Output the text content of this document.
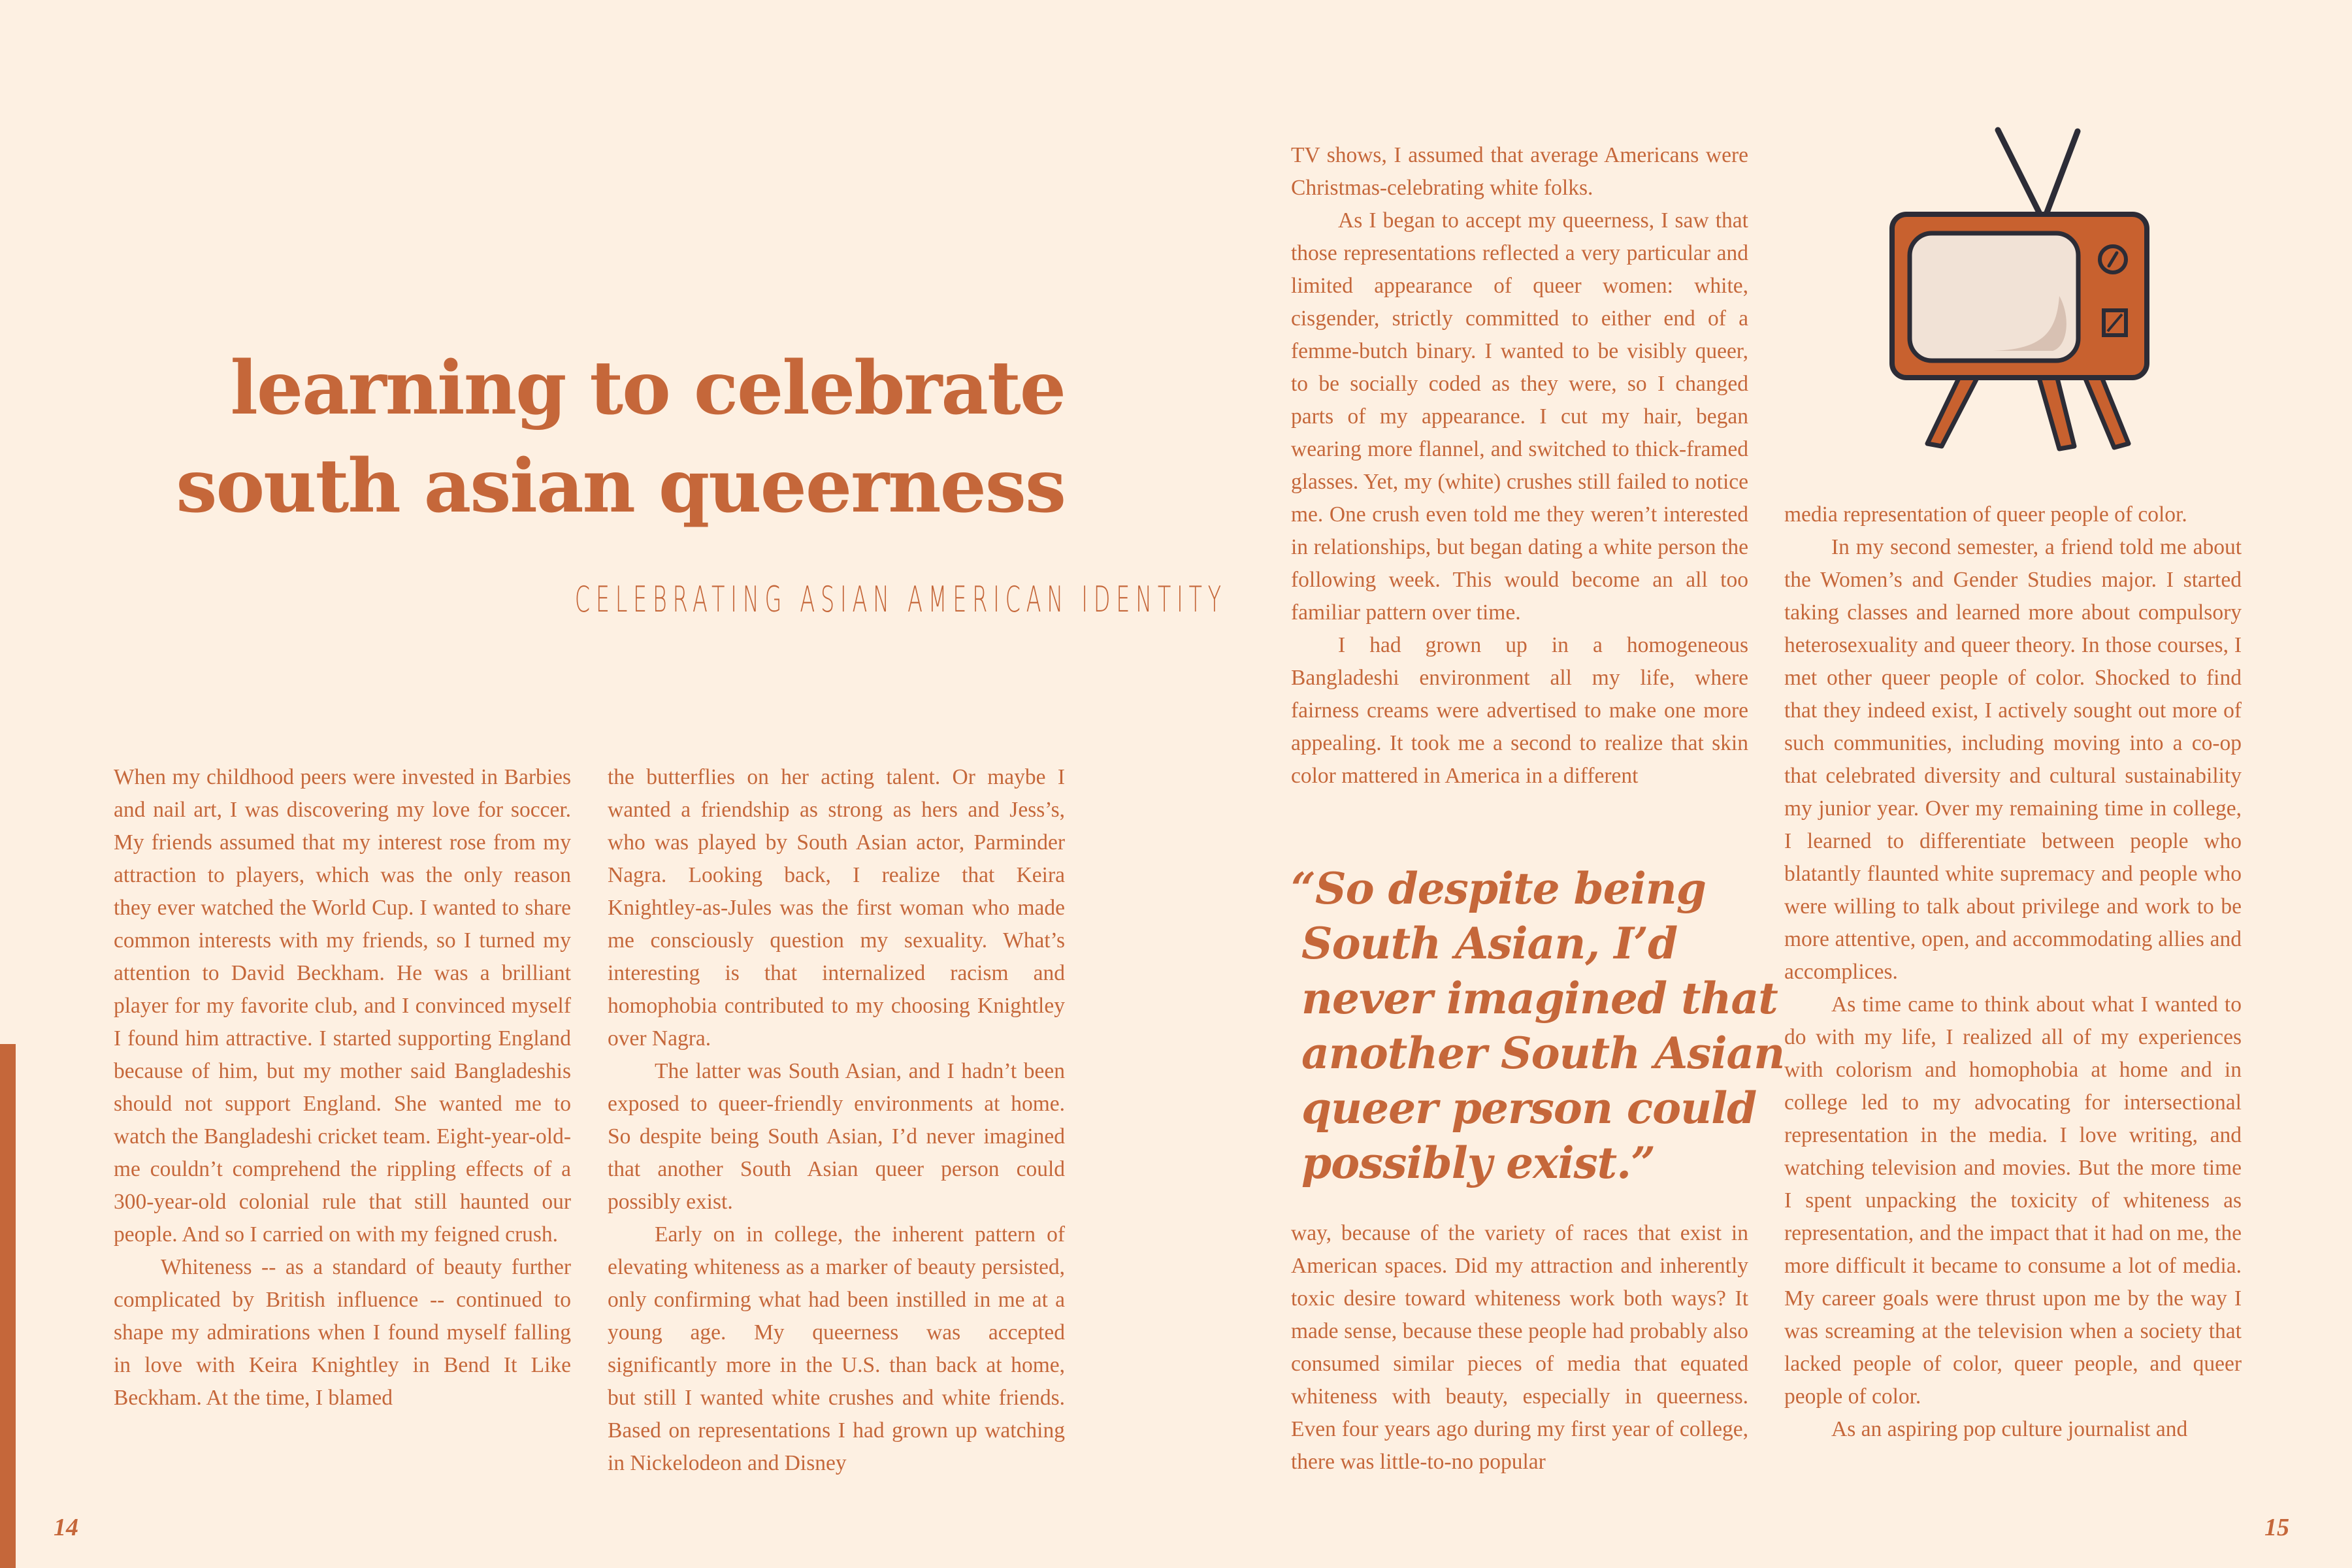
learning to celebrate
south asian queerness
CELEBRATING ASIAN AMERICAN IDENTITY

When my childhood peers were invested in Barbies and nail art, I was discovering my love for soccer. My friends assumed that my interest rose from my attraction to players, which was the only reason they ever watched the World Cup. I wanted to share common interests with my friends, so I turned my attention to David Beckham. He was a brilliant player for my favorite club, and I convinced myself I found him attractive. I started supporting England because of him, but my mother said Bangladeshis should not support England. She wanted me to watch the Bangladeshi cricket team. Eight-year-old-me couldn’t comprehend the rippling effects of a 300-year-old colonial rule that still haunted our people. And so I carried on with my feigned crush.

Whiteness -- as a standard of beauty further complicated by British influence -- continued to shape my admirations when I found myself falling in love with Keira Knightley in Bend It Like Beckham. At the time, I blamed

the butterflies on her acting talent. Or maybe I wanted a friendship as strong as hers and Jess’s, who was played by South Asian actor, Parminder Nagra. Looking back, I realize that Keira Knightley-as-Jules was the first woman who made me consciously question my sexuality. What’s interesting is that internalized racism and homophobia contributed to my choosing Knightley over Nagra.

The latter was South Asian, and I hadn’t been exposed to queer-friendly environments at home. So despite being South Asian, I’d never imagined that another South Asian queer person could possibly exist.

Early on in college, the inherent pattern of elevating whiteness as a marker of beauty persisted, only confirming what had been instilled in me at a young age. My queerness was accepted significantly more in the U.S. than back at home, but still I wanted white crushes and white friends. Based on representations I had grown up watching in Nickelodeon and Disney

TV shows, I assumed that average Americans were Christmas-celebrating white folks.

As I began to accept my queerness, I saw that those representations reflected a very particular and limited appearance of queer women: white, cisgender, strictly committed to either end of a femme-butch binary. I wanted to be visibly queer, to be socially coded as they were, so I changed parts of my appearance. I cut my hair, began wearing more flannel, and switched to thick-framed glasses. Yet, my (white) crushes still failed to notice me. One crush even told me they weren’t interested in relationships, but began dating a white person the following week. This would become an all too familiar pattern over time.

I had grown up in a homogeneous Bangladeshi environment all my life, where fairness creams were advertised to make one more appealing. It took me a second to realize that skin color mattered in America in a different

“So despite being
South Asian, I’d
never imagined that
another South Asian
queer person could
possibly exist.”

way, because of the variety of races that exist in American spaces. Did my attraction and inherently toxic desire toward whiteness work both ways? It made sense, because these people had probably also consumed similar pieces of media that equated whiteness with beauty, especially in queerness. Even four years ago during my first year of college, there was little-to-no popular

media representation of queer people of color.

In my second semester, a friend told me about the Women’s and Gender Studies major. I started taking classes and learned more about compulsory heterosexuality and queer theory. In those courses, I met other queer people of color. Shocked to find that they indeed exist, I actively sought out more of such communities, including moving into a co-op that celebrated diversity and cultural sustainability my junior year. Over my remaining time in college, I learned to differentiate between people who blatantly flaunted white supremacy and people who were willing to talk about privilege and work to be more attentive, open, and accommodating allies and accomplices.

As time came to think about what I wanted to do with my life, I realized all of my experiences with colorism and homophobia at home and in college led to my advocating for intersectional representation in the media. I love writing, and watching television and movies. But the more time I spent unpacking the toxicity of whiteness as representation, and the impact that it had on me, the more difficult it became to consume a lot of media. My career goals were thrust upon me by the way I was screaming at the television when a society that lacked people of color, queer people, and queer people of color.

As an aspiring pop culture journalist and

14	15
